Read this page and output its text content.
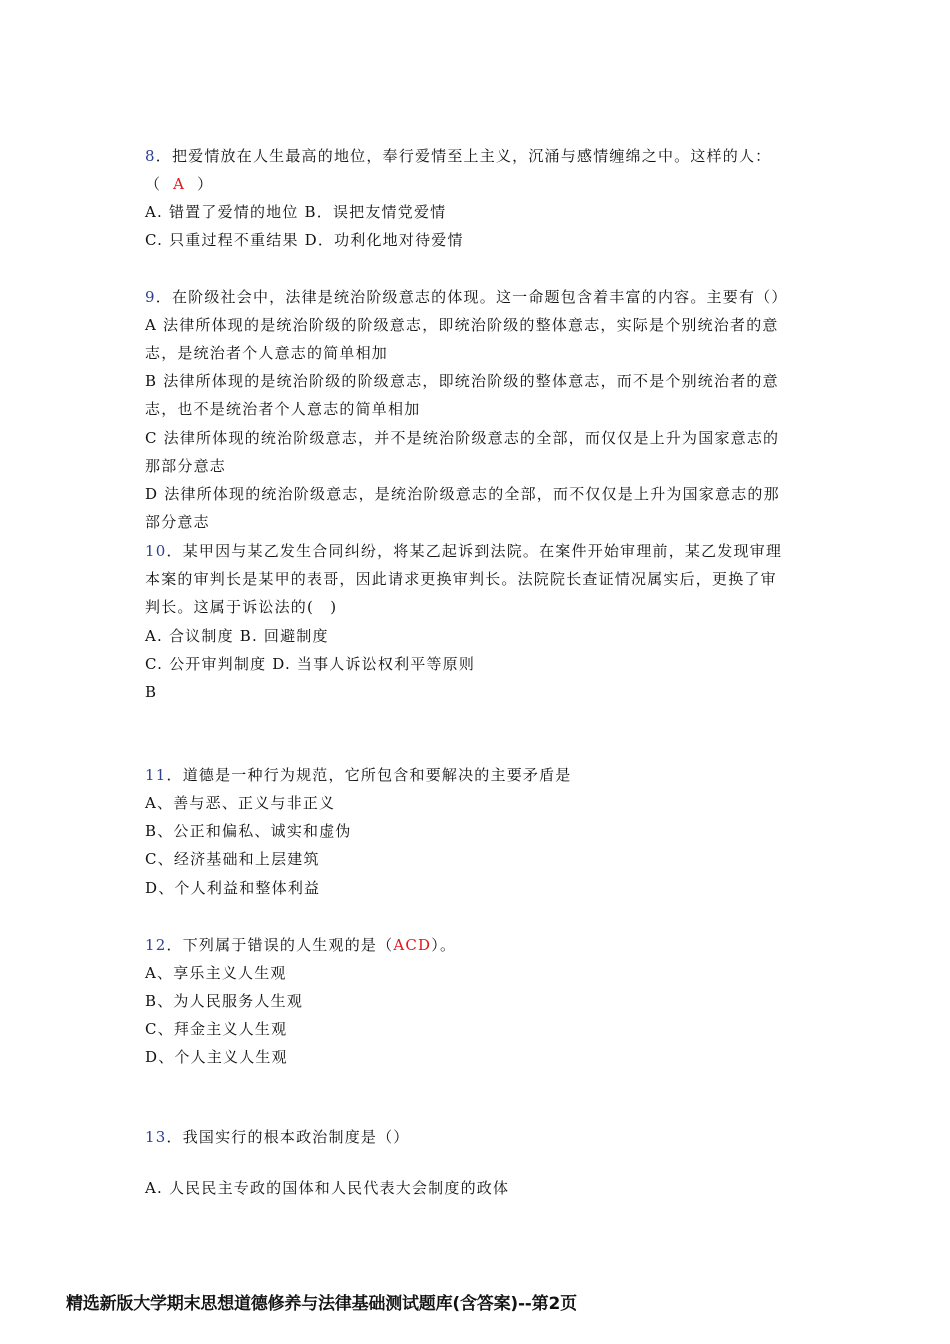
8．把爱情放在人生最高的地位，奉行爱情至上主义，沉涌与感情缠绵之中。这样的人：
（ A ）
A. 错置了爱情的地位 B．误把友情党爱情
C. 只重过程不重结果 D．功利化地对待爱情
9．在阶级社会中，法律是统治阶级意志的体现。这一命题包含着丰富的内容。主要有（）
A 法律所体现的是统治阶级的阶级意志，即统治阶级的整体意志，实际是个别统治者的意
志，是统治者个人意志的简单相加
B 法律所体现的是统治阶级的阶级意志，即统治阶级的整体意志，而不是个别统治者的意
志，也不是统治者个人意志的简单相加
C 法律所体现的统治阶级意志，并不是统治阶级意志的全部，而仅仅是上升为国家意志的
那部分意志
D 法律所体现的统治阶级意志，是统治阶级意志的全部，而不仅仅是上升为国家意志的那
部分意志
10．某甲因与某乙发生合同纠纷，将某乙起诉到法院。在案件开始审理前，某乙发现审理
本案的审判长是某甲的表哥，因此请求更换审判长。法院院长查证情况属实后，更换了审
判长。这属于诉讼法的(　)
A. 合议制度 B. 回避制度
C. 公开审判制度 D. 当事人诉讼权利平等原则
B
11．道德是一种行为规范，它所包含和要解决的主要矛盾是
A、善与恶、正义与非正义
B、公正和偏私、诚实和虚伪
C、经济基础和上层建筑
D、个人利益和整体利益
12．下列属于错误的人生观的是（ACD）。
A、享乐主义人生观
B、为人民服务人生观
C、拜金主义人生观
D、个人主义人生观
13．我国实行的根本政治制度是（）
A. 人民民主专政的国体和人民代表大会制度的政体
精选新版大学期末思想道德修养与法律基础测试题库(含答案)--第2页
